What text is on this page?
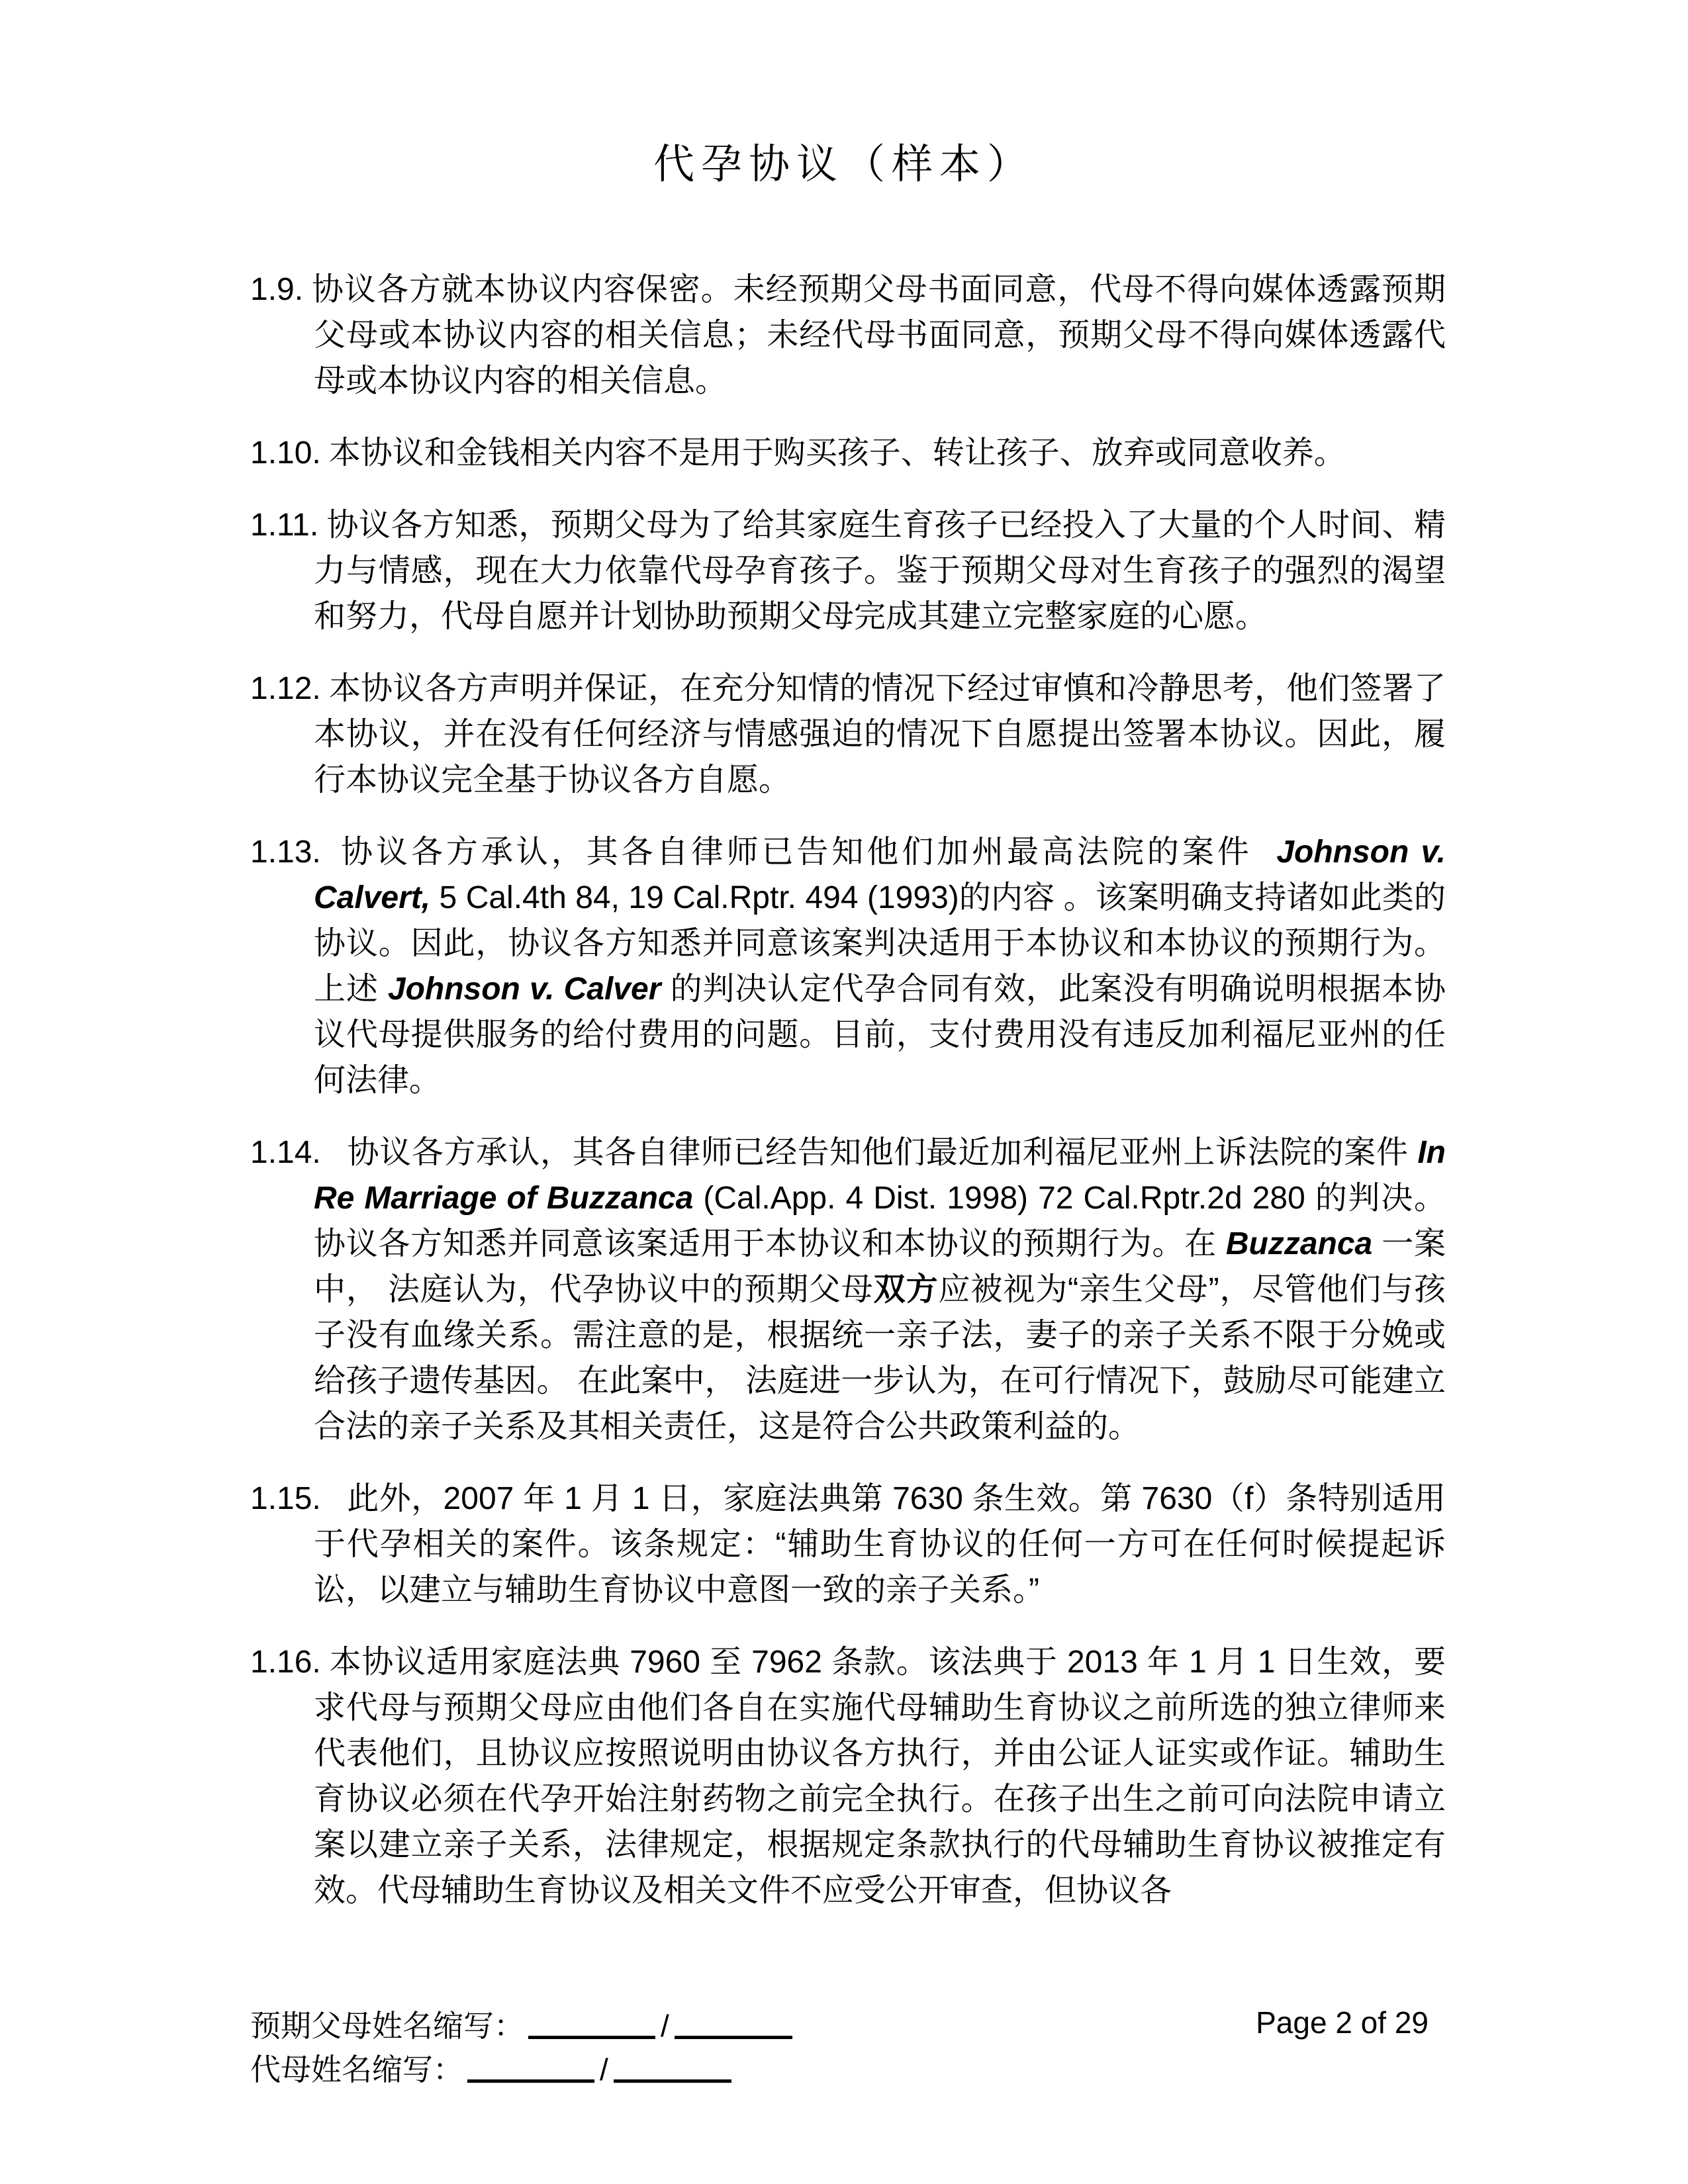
代孕协议（样本）
1.9. 协议各方就本协议内容保密。未经预期父母书面同意，代母不得向媒体透露预期父母或本协议内容的相关信息；未经代母书面同意，预期父母不得向媒体透露代母或本协议内容的相关信息。
1.10. 本协议和金钱相关内容不是用于购买孩子、转让孩子、放弃或同意收养。
1.11. 协议各方知悉，预期父母为了给其家庭生育孩子已经投入了大量的个人时间、精力与情感，现在大力依靠代母孕育孩子。鉴于预期父母对生育孩子的强烈的渴望和努力，代母自愿并计划协助预期父母完成其建立完整家庭的心愿。
1.12. 本协议各方声明并保证，在充分知情的情况下经过审慎和冷静思考，他们签署了本协议，并在没有任何经济与情感强迫的情况下自愿提出签署本协议。因此，履行本协议完全基于协议各方自愿。
1.13. 协议各方承认，其各自律师已告知他们加州最高法院的案件  Johnson v. Calvert, 5 Cal.4th 84, 19 Cal.Rptr. 494 (1993)的内容 。该案明确支持诸如此类的协议。因此，协议各方知悉并同意该案判决适用于本协议和本协议的预期行为。上述 Johnson v. Calver 的判决认定代孕合同有效，此案没有明确说明根据本协议代母提供服务的给付费用的问题。目前，支付费用没有违反加利福尼亚州的任何法律。
1.14.  协议各方承认，其各自律师已经告知他们最近加利福尼亚州上诉法院的案件 In Re Marriage of Buzzanca (Cal.App. 4 Dist. 1998) 72 Cal.Rptr.2d 280 的判决。协议各方知悉并同意该案适用于本协议和本协议的预期行为。在 Buzzanca 一案中， 法庭认为，代孕协议中的预期父母双方应被视为“亲生父母”，尽管他们与孩子没有血缘关系。需注意的是，根据统一亲子法，妻子的亲子关系不限于分娩或给孩子遗传基因。 在此案中， 法庭进一步认为，在可行情况下，鼓励尽可能建立合法的亲子关系及其相关责任，这是符合公共政策利益的。
1.15.  此外，2007 年 1 月 1 日，家庭法典第 7630 条生效。第 7630（f）条特别适用于代孕相关的案件。该条规定：“辅助生育协议的任何一方可在任何时候提起诉讼，以建立与辅助生育协议中意图一致的亲子关系。”
1.16. 本协议适用家庭法典 7960 至 7962 条款。该法典于 2013 年 1 月 1 日生效，要求代母与预期父母应由他们各自在实施代母辅助生育协议之前所选的独立律师来代表他们，且协议应按照说明由协议各方执行，并由公证人证实或作证。辅助生育协议必须在代孕开始注射药物之前完全执行。在孩子出生之前可向法院申请立案以建立亲子关系，法律规定，根据规定条款执行的代母辅助生育协议被推定有效。代母辅助生育协议及相关文件不应受公开审查，但协议各
预期父母姓名缩写：	/
代母姓名缩写：	/
Page 2 of 29
